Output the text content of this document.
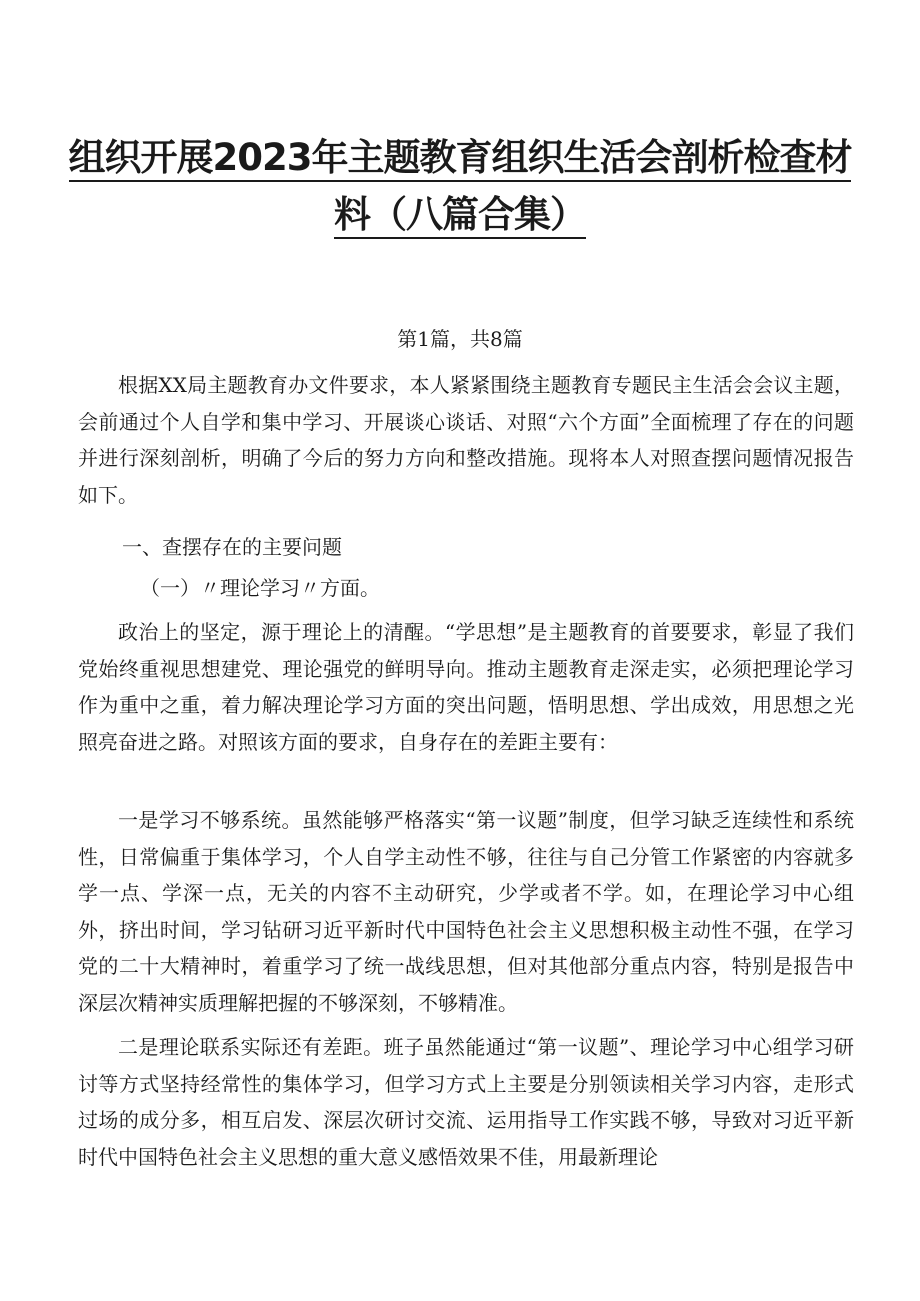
组织开展2023年主题教育组织生活会剖析检查材
料（八篇合集）
第1篇，共8篇

根据XX局主题教育办文件要求，本人紧紧围绕主题教育专题民主生活会会议主题，会前通过个人自学和集中学习、开展谈心谈话、对照“六个方面”全面梳理了存在的问题并进行深刻剖析，明确了今后的努力方向和整改措施。现将本人对照查摆问题情况报告如下。

一、查摆存在的主要问题
（一）〃理论学习〃方面。

政治上的坚定，源于理论上的清醒。“学思想”是主题教育的首要要求，彰显了我们党始终重视思想建党、理论强党的鲜明导向。推动主题教育走深走实，必须把理论学习作为重中之重，着力解决理论学习方面的突出问题，悟明思想、学出成效，用思想之光照亮奋进之路。对照该方面的要求，自身存在的差距主要有：

一是学习不够系统。虽然能够严格落实“第一议题”制度，但学习缺乏连续性和系统性，日常偏重于集体学习，个人自学主动性不够，往往与自己分管工作紧密的内容就多学一点、学深一点，无关的内容不主动研究，少学或者不学。如，在理论学习中心组外，挤出时间，学习钻研习近平新时代中国特色社会主义思想积极主动性不强，在学习党的二十大精神时，着重学习了统一战线思想，但对其他部分重点内容，特别是报告中深层次精神实质理解把握的不够深刻，不够精准。

二是理论联系实际还有差距。班子虽然能通过“第一议题”、理论学习中心组学习研讨等方式坚持经常性的集体学习，但学习方式上主要是分别领读相关学习内容，走形式过场的成分多，相互启发、深层次研讨交流、运用指导工作实践不够，导致对习近平新时代中国特色社会主义思想的重大意义感悟效果不佳，用最新理论
